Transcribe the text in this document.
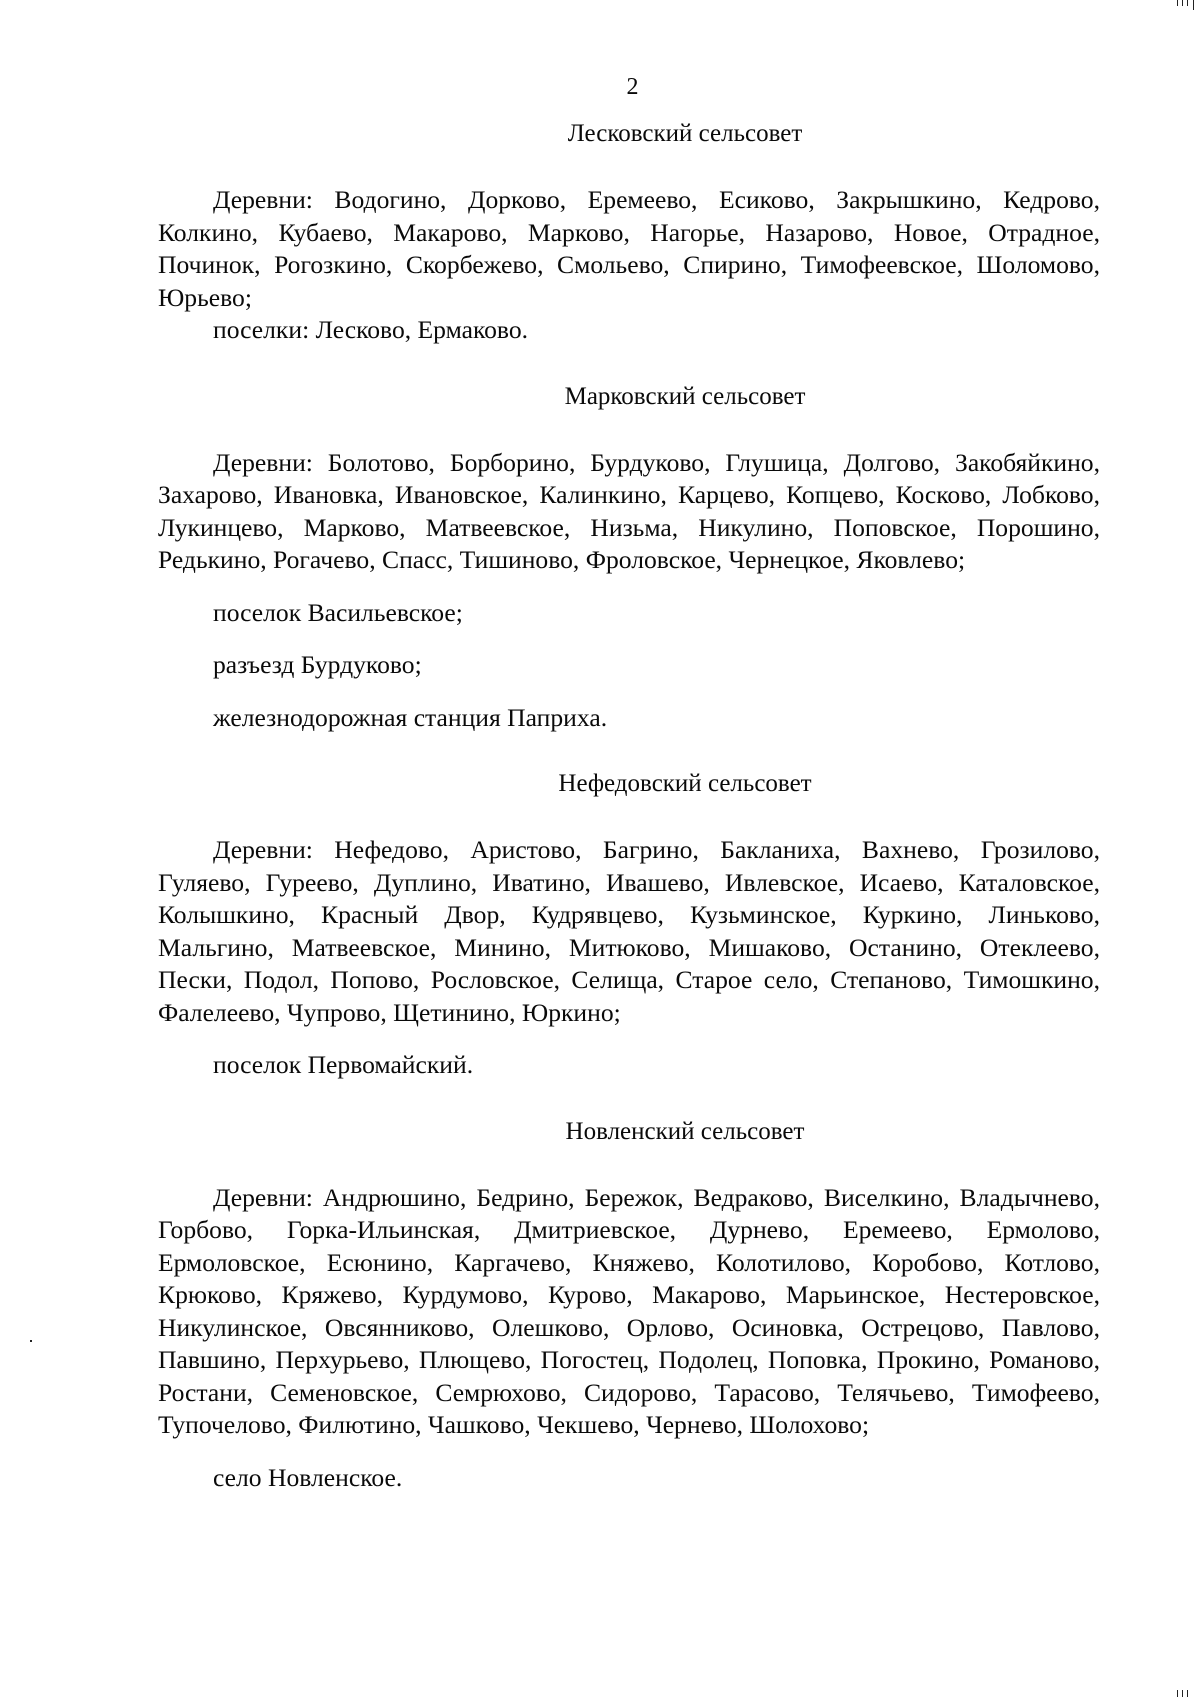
2
Лесковский сельсовет

Деревни: Водогино, Дорково, Еремеево, Есиково, Закрышкино, Кедрово, Колкино, Кубаево, Макарово, Марково, Нагорье, Назарово, Новое, Отрадное, Починок, Рогозкино, Скорбежево, Смольево, Спирино, Тимофеевское, Шоломово, Юрьево;

поселки: Лесково, Ермаково.

Марковский сельсовет

Деревни: Болотово, Борборино, Бурдуково, Глушица, Долгово, Закобяйкино, Захарово, Ивановка, Ивановское, Калинкино, Карцево, Копцево, Косково, Лобково, Лукинцево, Марково, Матвеевское, Низьма, Никулино, Поповское, Порошино, Редькино, Рогачево, Спасс, Тишиново, Фроловское, Чернецкое, Яковлево;

поселок Васильевское;

разъезд Бурдуково;

железнодорожная станция Паприха.

Нефедовский сельсовет

Деревни: Нефедово, Аристово, Багрино, Бакланиха, Вахнево, Грозилово, Гуляево, Гуреево, Дуплино, Иватино, Ивашево, Ивлевское, Исаево, Каталовское, Колышкино, Красный Двор, Кудрявцево, Кузьминское, Куркино, Линьково, Мальгино, Матвеевское, Минино, Митюково, Мишаково, Останино, Отеклеево, Пески, Подол, Попово, Рословское, Селища, Старое село, Степаново, Тимошкино, Фалелеево, Чупрово, Щетинино, Юркино;

поселок Первомайский.

Новленский сельсовет

Деревни: Андрюшино, Бедрино, Бережок, Ведраково, Виселкино, Владычнево, Горбово, Горка-Ильинская, Дмитриевское, Дурнево, Еремеево, Ермолово, Ермоловское, Есюнино, Каргачево, Княжево, Колотилово, Коробово, Котлово, Крюково, Кряжево, Курдумово, Курово, Макарово, Марьинское, Нестеровское, Никулинское, Овсянниково, Олешково, Орлово, Осиновка, Острецово, Павлово, Павшино, Перхурьево, Плющево, Погостец, Подолец, Поповка, Прокино, Романово, Ростани, Семеновское, Семрюхово, Сидорово, Тарасово, Телячьево, Тимофеево, Тупочелово, Филютино, Чашково, Чекшево, Чернево, Шолохово;

село Новленское.
